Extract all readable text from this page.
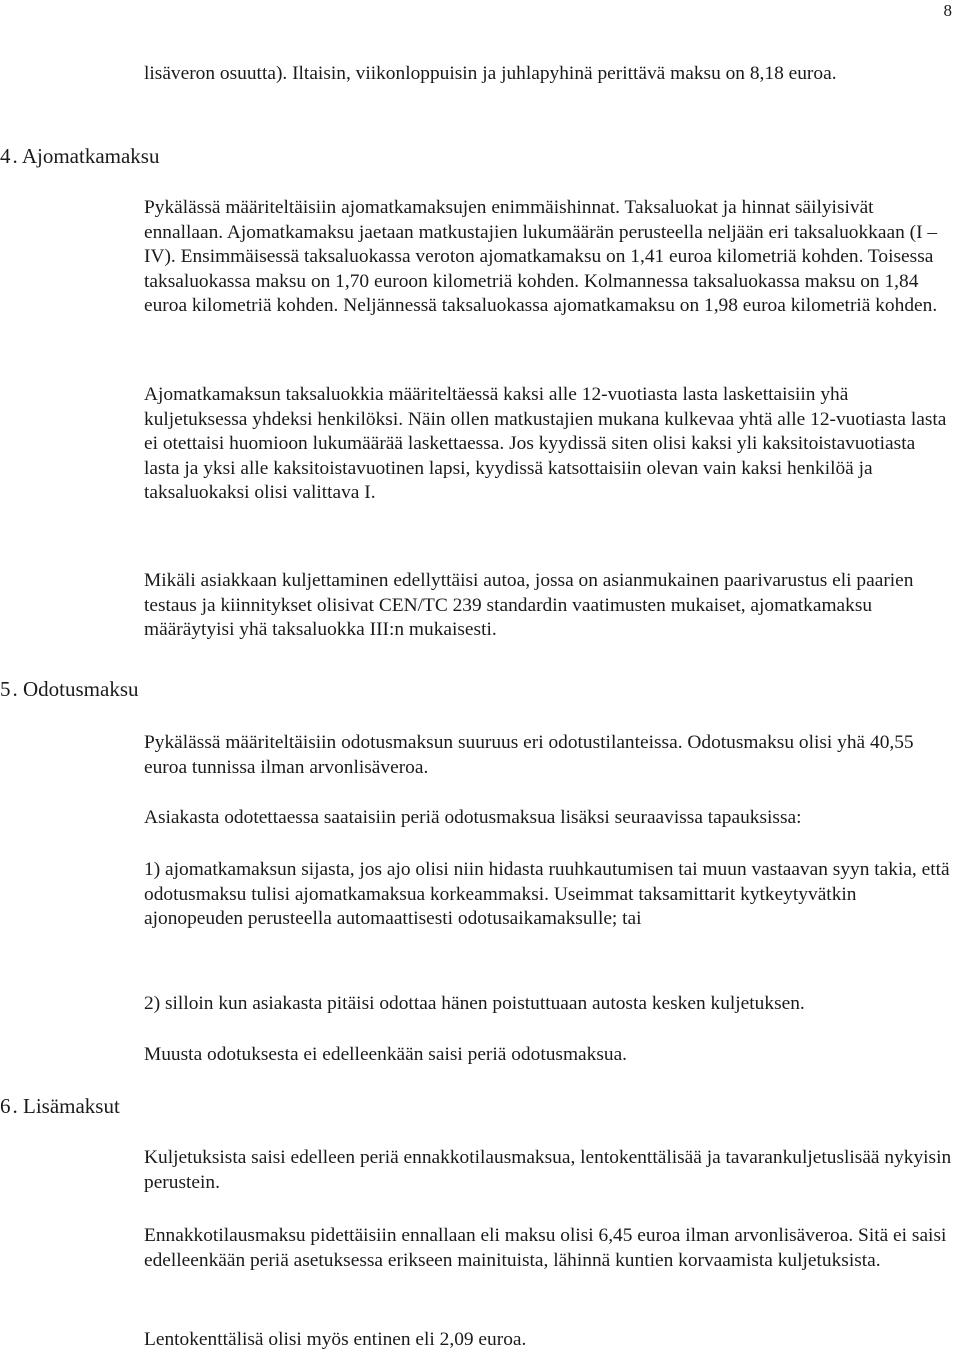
8
4. Ajomatkamaksu
5. Odotusmaksu
6. Lisämaksut

lisäveron osuutta). Iltaisin, viikonloppuisin ja juhlapyhinä perittävä maksu on 8,18 euroa.

Pykälässä määriteltäisiin ajomatkamaksujen enimmäishinnat. Taksaluokat ja hinnat säilyisivät ennallaan. Ajomatkamaksu jaetaan matkustajien lukumäärän perusteella neljään eri taksaluokkaan (I – IV). Ensimmäisessä taksaluokassa veroton ajomatkamaksu on 1,41 euroa kilometriä kohden. Toisessa taksaluokassa maksu on 1,70 euroon kilometriä kohden. Kolmannessa taksaluokassa maksu on 1,84 euroa kilometriä kohden. Neljännessä taksaluokassa ajomatkamaksu on 1,98 euroa kilometriä kohden.

Ajomatkamaksun taksaluokkia määriteltäessä kaksi alle 12-vuotiasta lasta laskettaisiin yhä kuljetuksessa yhdeksi henkilöksi. Näin ollen matkustajien mukana kulkevaa yhtä alle 12-vuotiasta lasta ei otettaisi huomioon lukumäärää laskettaessa. Jos kyydissä siten olisi kaksi yli kaksitoistavuotiasta lasta ja yksi alle kaksitoistavuotinen lapsi, kyydissä katsottaisiin olevan vain kaksi henkilöä ja taksaluokaksi olisi valittava I.

Mikäli asiakkaan kuljettaminen edellyttäisi autoa, jossa on asianmukainen paarivarustus eli paarien testaus ja kiinnitykset olisivat CEN/TC 239 standardin vaatimusten mukaiset, ajomatkamaksu määräytyisi yhä taksaluokka III:n mukaisesti.

Pykälässä määriteltäisiin odotusmaksun suuruus eri odotustilanteissa. Odotusmaksu olisi yhä 40,55 euroa tunnissa ilman arvonlisäveroa.

Asiakasta odotettaessa saataisiin periä odotusmaksua lisäksi seuraavissa tapauksissa:

1) ajomatkamaksun sijasta, jos ajo olisi niin hidasta ruuhkautumisen tai muun vastaavan syyn takia, että odotusmaksu tulisi ajomatkamaksua korkeammaksi. Useimmat taksamittarit kytkeytyvätkin ajonopeuden perusteella automaattisesti odotusaikamaksulle; tai

2) silloin kun asiakasta pitäisi odottaa hänen poistuttuaan autosta kesken kuljetuksen.

Muusta odotuksesta ei edelleenkään saisi periä odotusmaksua.

Kuljetuksista saisi edelleen periä ennakkotilausmaksua, lentokenttälisää ja tavarankuljetuslisää nykyisin perustein.

Ennakkotilausmaksu pidettäisiin ennallaan eli maksu olisi 6,45 euroa ilman arvonlisäveroa. Sitä ei saisi edelleenkään periä asetuksessa erikseen mainituista, lähinnä kuntien korvaamista kuljetuksista.

Lentokenttälisä olisi myös entinen eli 2,09 euroa.
